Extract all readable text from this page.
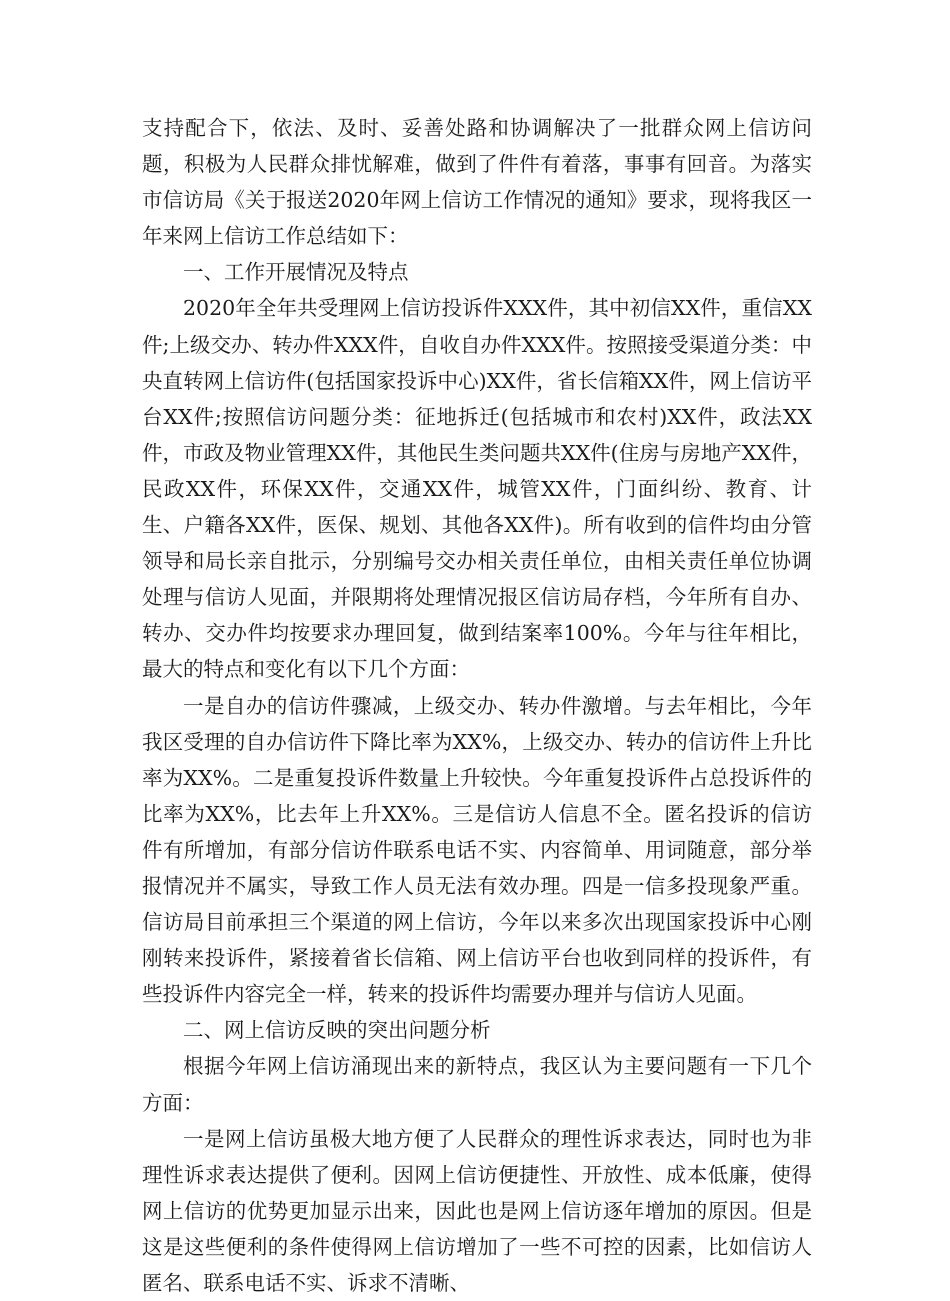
支持配合下，依法、及时、妥善处路和协调解决了一批群众网上信访问题，积极为人民群众排忧解难，做到了件件有着落，事事有回音。为落实市信访局《关于报送2020年网上信访工作情况的通知》要求，现将我区一年来网上信访工作总结如下：

一、工作开展情况及特点

2020年全年共受理网上信访投诉件XXX件，其中初信XX件，重信XX件;上级交办、转办件XXX件，自收自办件XXX件。按照接受渠道分类：中央直转网上信访件(包括国家投诉中心)XX件，省长信箱XX件，网上信访平台XX件;按照信访问题分类：征地拆迁(包括城市和农村)XX件，政法XX件，市政及物业管理XX件，其他民生类问题共XX件(住房与房地产XX件，民政XX件，环保XX件，交通XX件，城管XX件，门面纠纷、教育、计生、户籍各XX件，医保、规划、其他各XX件)。所有收到的信件均由分管领导和局长亲自批示，分别编号交办相关责任单位，由相关责任单位协调处理与信访人见面，并限期将处理情况报区信访局存档，今年所有自办、转办、交办件均按要求办理回复，做到结案率100%。今年与往年相比，最大的特点和变化有以下几个方面：

一是自办的信访件骤减，上级交办、转办件激增。与去年相比，今年我区受理的自办信访件下降比率为XX%，上级交办、转办的信访件上升比率为XX%。二是重复投诉件数量上升较快。今年重复投诉件占总投诉件的比率为XX%，比去年上升XX%。三是信访人信息不全。匿名投诉的信访件有所增加，有部分信访件联系电话不实、内容简单、用词随意，部分举报情况并不属实，导致工作人员无法有效办理。四是一信多投现象严重。信访局目前承担三个渠道的网上信访，今年以来多次出现国家投诉中心刚刚转来投诉件，紧接着省长信箱、网上信访平台也收到同样的投诉件，有些投诉件内容完全一样，转来的投诉件均需要办理并与信访人见面。

二、网上信访反映的突出问题分析

根据今年网上信访涌现出来的新特点，我区认为主要问题有一下几个方面：

一是网上信访虽极大地方便了人民群众的理性诉求表达，同时也为非理性诉求表达提供了便利。因网上信访便捷性、开放性、成本低廉，使得网上信访的优势更加显示出来，因此也是网上信访逐年增加的原因。但是这是这些便利的条件使得网上信访增加了一些不可控的因素，比如信访人匿名、联系电话不实、诉求不清晰、
